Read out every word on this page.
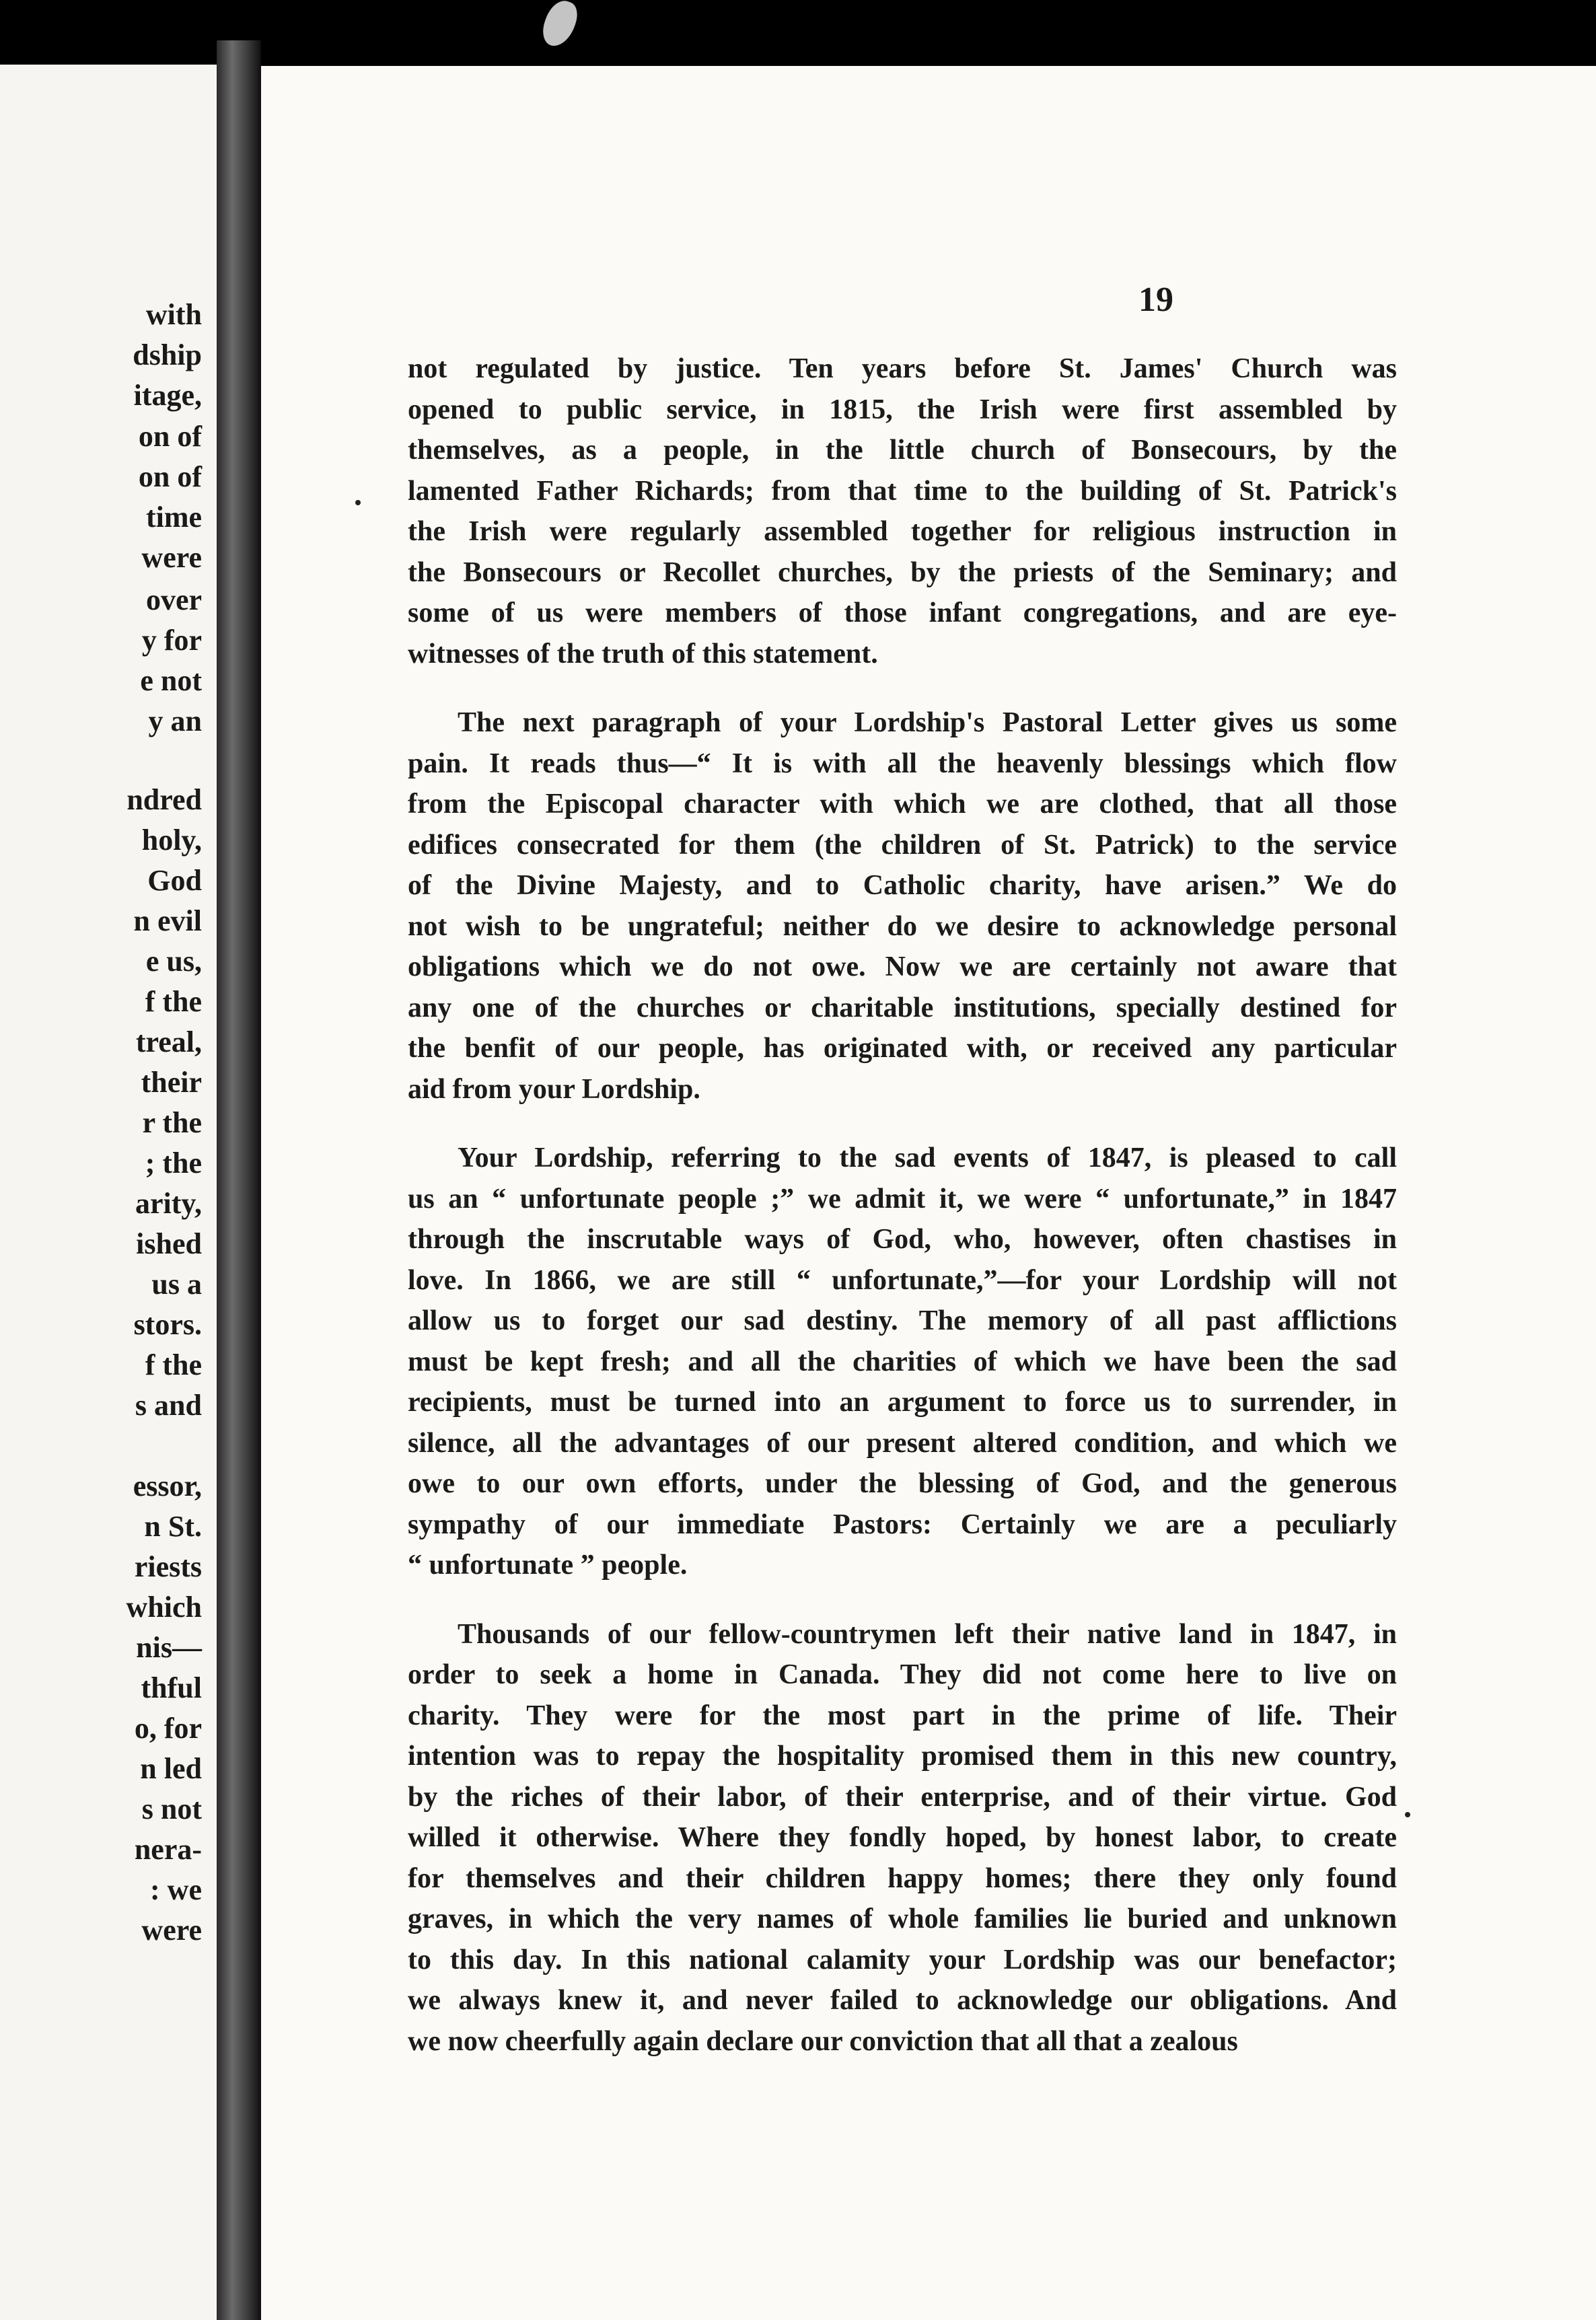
with
dship
itage,
on of
on of
time
were
over
y for
e not
y an
ndred
holy,
God
n evil
e us,
f the
treal,
their
r the
; the
arity,
ished
us a
stors.
f the
s and
essor,
n St.
riests
which
nis—
thful
o, for
n led
s not
nera-
: we
were
19
not regulated by justice. Ten years before St. James' Church was
opened to public service, in 1815, the Irish were first assembled by
themselves, as a people, in the little church of Bonsecours, by the
lamented Father Richards; from that time to the building of St. Patrick's
the Irish were regularly assembled together for religious instruction in
the Bonsecours or Recollet churches, by the priests of the Seminary; and
some of us were members of those infant congregations, and are eye-
witnesses of the truth of this statement.
The next paragraph of your Lordship's Pastoral Letter gives us some
pain. It reads thus—“ It is with all the heavenly blessings which flow
from the Episcopal character with which we are clothed, that all those
edifices consecrated for them (the children of St. Patrick) to the service
of the Divine Majesty, and to Catholic charity, have arisen.” We do
not wish to be ungrateful; neither do we desire to acknowledge personal
obligations which we do not owe. Now we are certainly not aware that
any one of the churches or charitable institutions, specially destined for
the benfit of our people, has originated with, or received any particular
aid from your Lordship.
Your Lordship, referring to the sad events of 1847, is pleased to call
us an “ unfortunate people ;” we admit it, we were “ unfortunate,” in 1847
through the inscrutable ways of God, who, however, often chastises in
love. In 1866, we are still “ unfortunate,”—for your Lordship will not
allow us to forget our sad destiny. The memory of all past afflictions
must be kept fresh; and all the charities of which we have been the sad
recipients, must be turned into an argument to force us to surrender, in
silence, all the advantages of our present altered condition, and which we
owe to our own efforts, under the blessing of God, and the generous
sympathy of our immediate Pastors: Certainly we are a peculiarly
“ unfortunate ” people.
Thousands of our fellow-countrymen left their native land in 1847, in
order to seek a home in Canada. They did not come here to live on
charity. They were for the most part in the prime of life. Their
intention was to repay the hospitality promised them in this new country,
by the riches of their labor, of their enterprise, and of their virtue. God
willed it otherwise. Where they fondly hoped, by honest labor, to create
for themselves and their children happy homes; there they only found
graves, in which the very names of whole families lie buried and unknown
to this day. In this national calamity your Lordship was our benefactor;
we always knew it, and never failed to acknowledge our obligations. And
we now cheerfully again declare our conviction that all that a zealous
